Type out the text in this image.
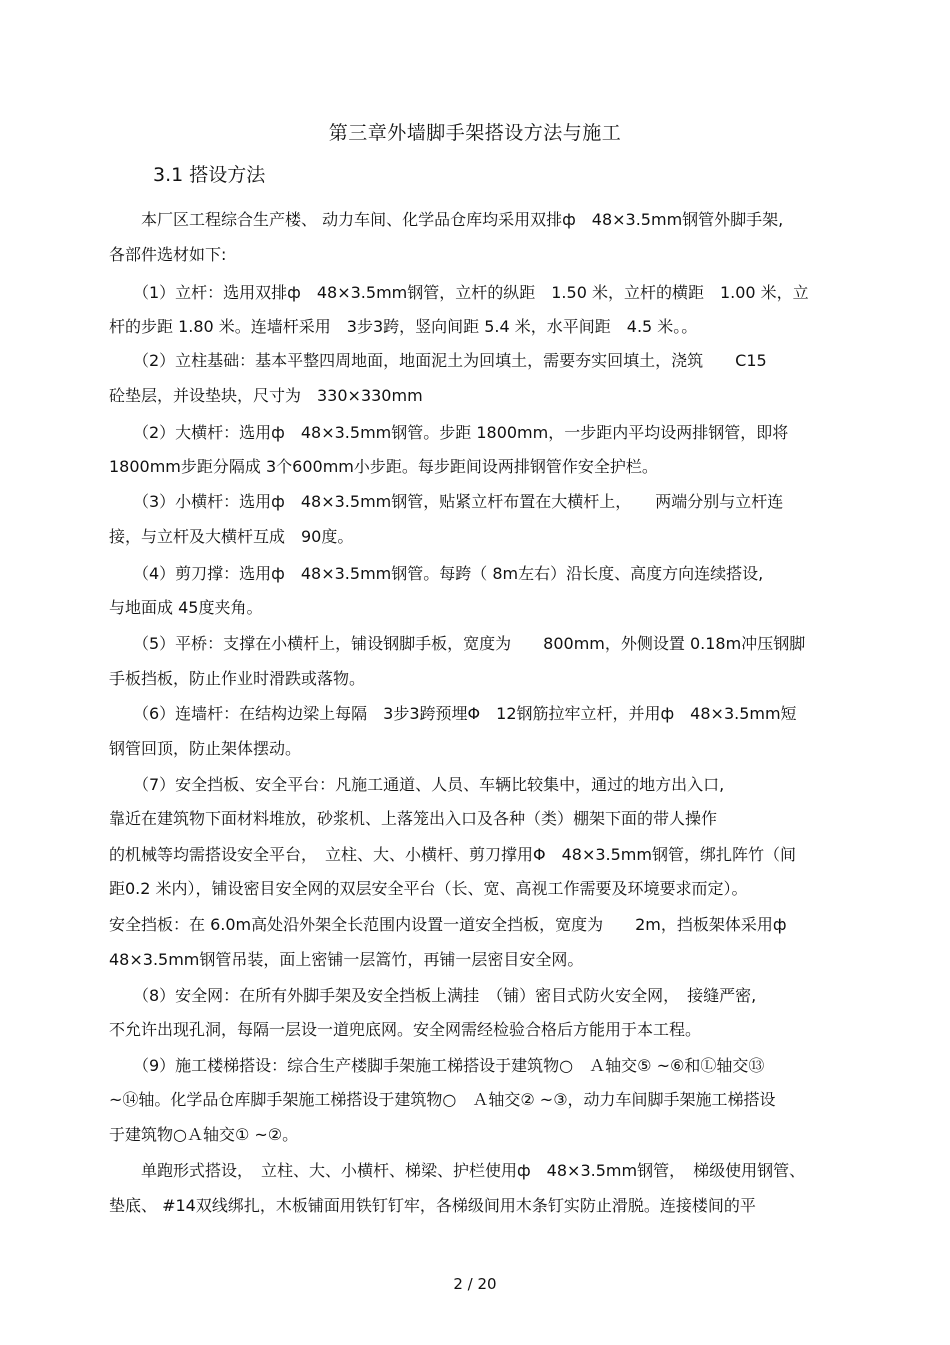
第三章外墙脚手架搭设方法与施工
3.1 搭设方法
　　本厂区工程综合生产楼、 动力车间、化学品仓库均采用双排ф　48×3.5mm钢管外脚手架,
各部件选材如下:
　　（1）立杆：选用双排ф　48×3.5mm钢管，立杆的纵距　1.50 米，立杆的横距　1.00 米，立
杆的步距 1.80 米。连墙杆采用　3步3跨，竖向间距 5.4 米，水平间距　4.5 米。。
　　（2）立柱基础：基本平整四周地面，地面泥土为回填土，需要夯实回填土，浇筑　　C15
砼垫层，并设垫块，尺寸为　330×330mm
　　（2）大横杆：选用ф　48×3.5mm钢管。步距 1800mm，一步距内平均设两排钢管，即将
1800mm步距分隔成 3个600mm小步距。每步距间设两排钢管作安全护栏。
　　（3）小横杆：选用ф　48×3.5mm钢管，贴紧立杆布置在大横杆上，　　两端分别与立杆连
接，与立杆及大横杆互成　90度。
　　（4）剪刀撑：选用ф　48×3.5mm钢管。每跨（ 8m左右）沿长度、高度方向连续搭设,
与地面成 45度夹角。
　　（5）平桥：支撑在小横杆上，铺设钢脚手板，宽度为　　800mm，外侧设置 0.18m冲压钢脚
手板挡板，防止作业时滑跌或落物。
　　（6）连墙杆：在结构边梁上每隔　3步3跨预埋Φ　12钢筋拉牢立杆，并用ф　48×3.5mm短
钢管回顶，防止架体摆动。
　　（7）安全挡板、安全平台：凡施工通道、人员、车辆比较集中，通过的地方出入口,
靠近在建筑物下面材料堆放，砂浆机、上落笼出入口及各种（类）棚架下面的带人操作
的机械等均需搭设安全平台，　立柱、大、小横杆、剪刀撑用Φ　48×3.5mm钢管，绑扎阵竹（间
距0.2 米内），铺设密目安全网的双层安全平台（长、宽、高视工作需要及环境要求而定）。
安全挡板：在 6.0m高处沿外架全长范围内设置一道安全挡板，宽度为　　2m，挡板架体采用ф
48×3.5mm钢管吊装，面上密铺一层篙竹，再铺一层密目安全网。
　　（8）安全网：在所有外脚手架及安全挡板上满挂　（铺）密目式防火安全网，　接缝严密,
不允许出现孔洞，每隔一层设一道兜底网。安全网需经检验合格后方能用于本工程。
　　（9）施工楼梯搭设：综合生产楼脚手架施工梯搭设于建筑物○　Ａ轴交⑤ ~⑥和Ⓛ轴交⑬
~⑭轴。化学品仓库脚手架施工梯搭设于建筑物○　Ａ轴交② ~③，动力车间脚手架施工梯搭设
于建筑物○Ａ轴交① ~②。
　　单跑形式搭设，　立柱、大、小横杆、梯梁、护栏使用ф　48×3.5mm钢管，　梯级使用钢管、
垫底、 #14双线绑扎，木板铺面用铁钉钉牢，各梯级间用木条钉实防止滑脱。连接楼间的平
2 / 20
